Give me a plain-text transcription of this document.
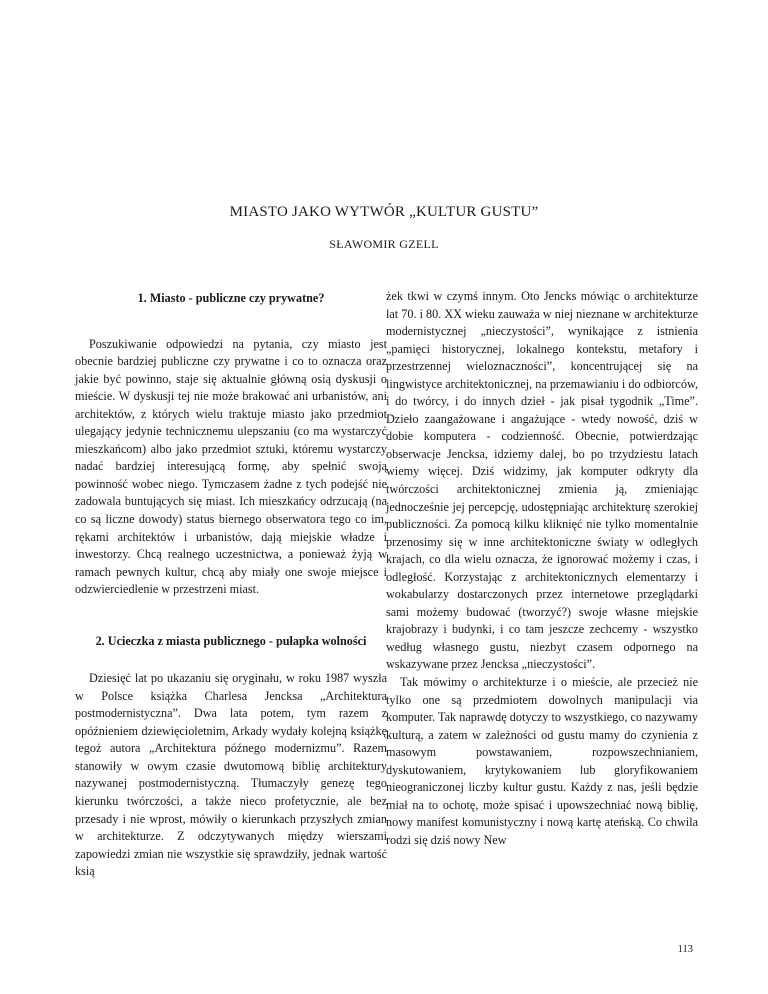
MIASTO JAKO WYTWÓR „KULTUR GUSTU”
SŁAWOMIR GZELL

1. Miasto - publiczne czy prywatne?

Poszukiwanie odpowiedzi na pytania, czy miasto jest obecnie bardziej publiczne czy prywatne i co to oznacza oraz jakie być powinno, staje się aktualnie główną osią dyskusji o mieście. W dyskusji tej nie może brakować ani urbanistów, ani architektów, z których wielu traktuje miasto jako przedmiot ulegający jedynie technicznemu ulepszaniu (co ma wystarczyć mieszkańcom) albo jako przedmiot sztuki, któremu wystarczy nadać bardziej interesującą formę, aby spełnić swoją powinność wobec niego. Tymczasem żadne z tych podejść nie zadowala buntujących się miast. Ich mieszkańcy odrzucają (na co są liczne dowody) status biernego obserwatora tego co im, rękami architektów i urbanistów, dają miejskie władze i inwestorzy. Chcą realnego uczestnictwa, a ponieważ żyją w ramach pewnych kultur, chcą aby miały one swoje miejsce i odzwierciedlenie w przestrzeni miast.

2. Ucieczka z miasta publicznego - pułapka wolności

Dziesięć lat po ukazaniu się oryginału, w roku 1987 wyszła w Polsce książka Charlesa Jencksa „Architektura postmodernistyczna”. Dwa lata potem, tym razem z opóźnieniem dziewięcioletnim, Arkady wydały kolejną książkę tegoż autora „Architektura późnego modernizmu”. Razem stanowiły w owym czasie dwutomową biblię architektury nazywanej postmodernistyczną. Tłumaczyły genezę tego kierunku twórczości, a także nieco profetycznie, ale bez przesady i nie wprost, mówiły o kierunkach przyszłych zmian w architekturze. Z odczytywanych między wierszami zapowiedzi zmian nie wszystkie się sprawdziły, jednak wartość ksią

żek tkwi w czymś innym. Oto Jencks mówiąc o architekturze lat 70. i 80. XX wieku zauważa w niej nieznane w architekturze modernistycznej „nieczystości”, wynikające z istnienia „pamięci historycznej, lokalnego kontekstu, metafory i przestrzennej wieloznaczności”, koncentrującej się na lingwistyce architektonicznej, na przemawianiu i do odbiorców, i do twórcy, i do innych dzieł - jak pisał tygodnik „Time”. Dzieło zaangażowane i angażujące - wtedy nowość, dziś w dobie komputera - codzienność. Obecnie, potwierdzając obserwacje Jencksa, idziemy dalej, bo po trzydziestu latach wiemy więcej. Dziś widzimy, jak komputer odkryty dla twórczości architektonicznej zmienia ją, zmieniając jednocześnie jej percepcję, udostępniając architekturę szerokiej publiczności. Za pomocą kilku kliknięć nie tylko momentalnie przenosimy się w inne architektoniczne światy w odległych krajach, co dla wielu oznacza, że ignorować możemy i czas, i odległość. Korzystając z architektonicznych elementarzy i wokabularzy dostarczonych przez internetowe przeglądarki sami możemy budować (tworzyć?) swoje własne miejskie krajobrazy i budynki, i co tam jeszcze zechcemy - wszystko według własnego gustu, niezbyt czasem odpornego na wskazywane przez Jencksa „nieczystości”.

Tak mówimy o architekturze i o mieście, ale przecież nie tylko one są przedmiotem dowolnych manipulacji via komputer. Tak naprawdę dotyczy to wszystkiego, co nazywamy kulturą, a zatem w zależności od gustu mamy do czynienia z masowym powstawaniem, rozpowszechnianiem, dyskutowaniem, krytykowaniem lub gloryfikowaniem nieograniczonej liczby kultur gustu. Każdy z nas, jeśli będzie miał na to ochotę, może spisać i upowszechniać nową biblię, nowy manifest komunistyczny i nową kartę ateńską. Co chwila rodzi się dziś nowy New

113
